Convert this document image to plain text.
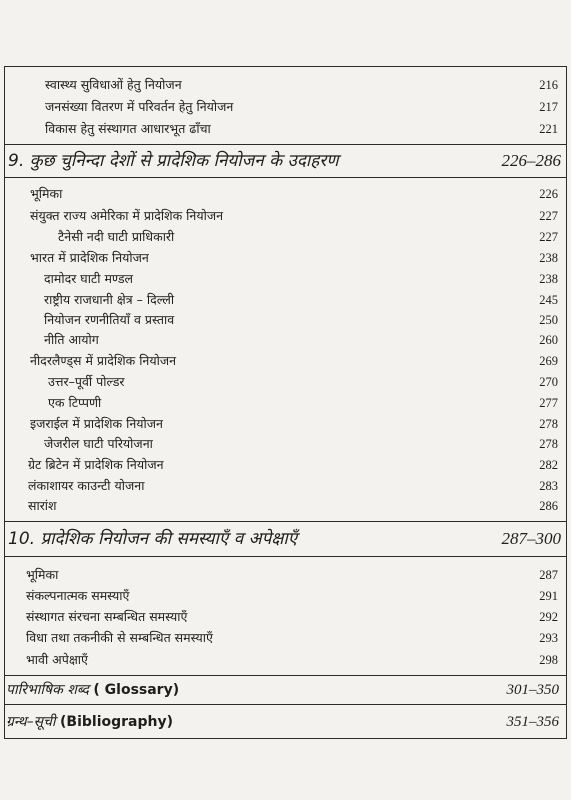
स्वास्थ्य सुविधाओं हेतु नियोजन	216
जनसंख्या वितरण में परिवर्तन हेतु नियोजन	217
विकास हेतु संस्थागत आधारभूत ढाँचा	221
9. कुछ चुनिन्दा देशों से प्रादेशिक नियोजन के उदाहरण	226–286
भूमिका	226
संयुक्त राज्य अमेरिका में प्रादेशिक नियोजन	227
टैनेसी नदी घाटी प्राधिकारी	227
भारत में प्रादेशिक नियोजन	238
दामोदर घाटी मण्डल	238
राष्ट्रीय राजधानी क्षेत्र – दिल्ली	245
नियोजन रणनीतियाँ व प्रस्ताव	250
नीति आयोग	260
नीदरलैण्ड्स में प्रादेशिक नियोजन	269
उत्तर–पूर्वी पोल्डर	270
एक टिप्पणी	277
इजराईल में प्रादेशिक नियोजन	278
जेजरील घाटी परियोजना	278
ग्रेट ब्रिटेन में प्रादेशिक नियोजन	282
लंकाशायर काउन्टी योजना	283
सारांश	286
10. प्रादेशिक नियोजन की समस्याएँ व अपेक्षाएँ	287–300
भूमिका	287
संकल्पनात्मक समस्याएँ	291
संस्थागत संरचना सम्बन्धित समस्याएँ	292
विधा तथा तकनीकी से सम्बन्धित समस्याएँ	293
भावी अपेक्षाएँ	298
पारिभाषिक शब्द ( Glossary)	301–350
ग्रन्थ–सूची (Bibliography)	351–356
